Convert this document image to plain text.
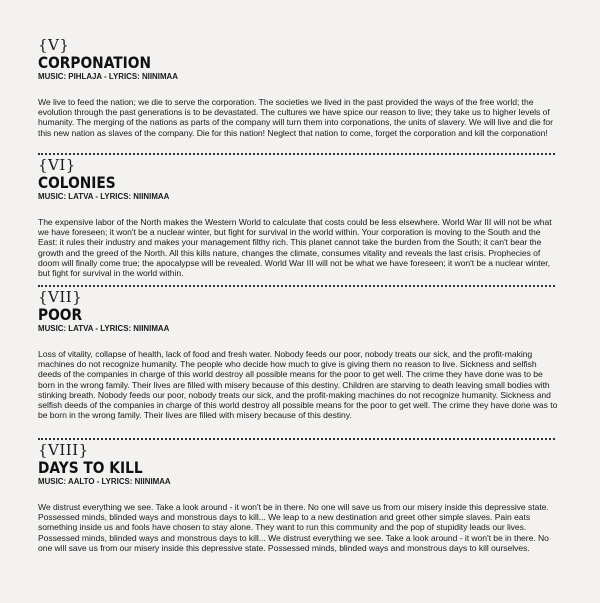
{V}
CORPONATION
MUSIC: PIHLAJA - LYRICS: NIINIMAA
We live to feed the nation; we die to serve the corporation. The societies we lived in the past provided the ways of the free world; the evolution through the past generations is to be devastated. The cultures we have spice our reason to live; they take us to higher levels of humanity. The merging of the nations as parts of the company will turn them into corponations, the units of slavery. We will live and die for this new nation as slaves of the company. Die for this nation! Neglect that nation to come, forget the corporation and kill the corponation!
{VI}
COLONIES
MUSIC: LATVA - LYRICS: NIINIMAA
The expensive labor of the North makes the Western World to calculate that costs could be less elsewhere. World War III will not be what we have foreseen; it won't be a nuclear winter, but fight for survival in the world within. Your corporation is moving to the South and the East: it rules their industry and makes your management filthy rich. This planet cannot take the burden from the South; it can't bear the growth and the greed of the North. All this kills nature, changes the climate, consumes vitality and reveals the last crisis. Prophecies of doom will finally come true; the apocalypse will be revealed. World War III will not be what we have foreseen; it won't be a nuclear winter, but fight for survival in the world within.
{VII}
POOR
MUSIC: LATVA - LYRICS: NIINIMAA
Loss of vitality, collapse of health, lack of food and fresh water. Nobody feeds our poor, nobody treats our sick, and the profit-making machines do not recognize humanity. The people who decide how much to give is giving them no reason to live. Sickness and selfish deeds of the companies in charge of this world destroy all possible means for the poor to get well. The crime they have done was to be born in the wrong family. Their lives are filled with misery because of this destiny. Children are starving to death leaving small bodies with stinking breath. Nobody feeds our poor, nobody treats our sick, and the profit-making machines do not recognize humanity. Sickness and selfish deeds of the companies in charge of this world destroy all possible means for the poor to get well. The crime they have done was to be born in the wrong family. Their lives are filled with misery because of this destiny.
{VIII}
DAYS TO KILL
MUSIC: AALTO - LYRICS: NIINIMAA
We distrust everything we see. Take a look around - it won't be in there. No one will save us from our misery inside this depressive state. Possessed minds, blinded ways and monstrous days to kill... We leap to a new destination and greet other simple slaves. Pain eats something inside us and fools have chosen to stay alone. They want to run this community and the pop of stupidity leads our lives. Possessed minds, blinded ways and monstrous days to kill... We distrust everything we see. Take a look around - it won't be in there. No one will save us from our misery inside this depressive state. Possessed minds, blinded ways and monstrous days to kill ourselves.
